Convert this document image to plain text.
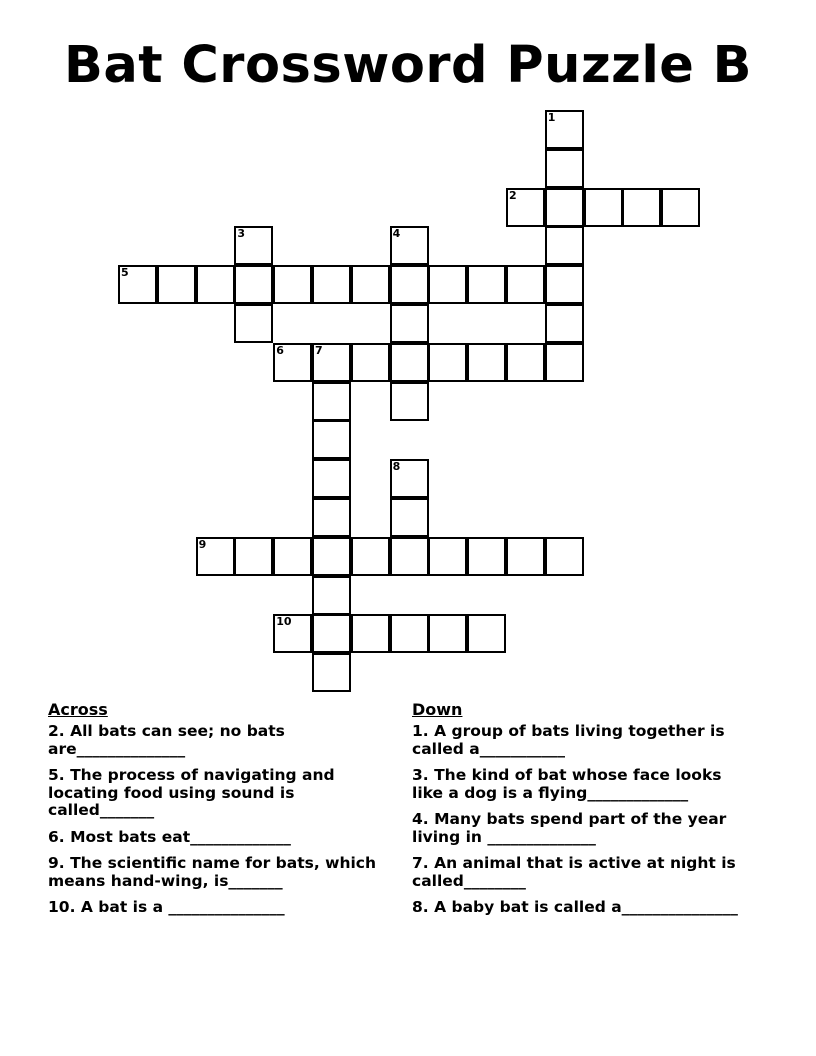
Bat Crossword Puzzle B
2
5
6	7
9
10
1
3	4
8
Across
2. All bats can see; no bats are______________
5. The process of navigating and locating food using sound is called_______
6. Most bats eat_____________
9. The scientific name for bats, which means hand-wing, is_______
10. A bat is a _______________
Down
1. A group of bats living together is called a___________
3. The kind of bat whose face looks like a dog is a flying_____________
4. Many bats spend part of the year living in ______________
7. An animal that is active at night is called________
8. A baby bat is called a_______________
